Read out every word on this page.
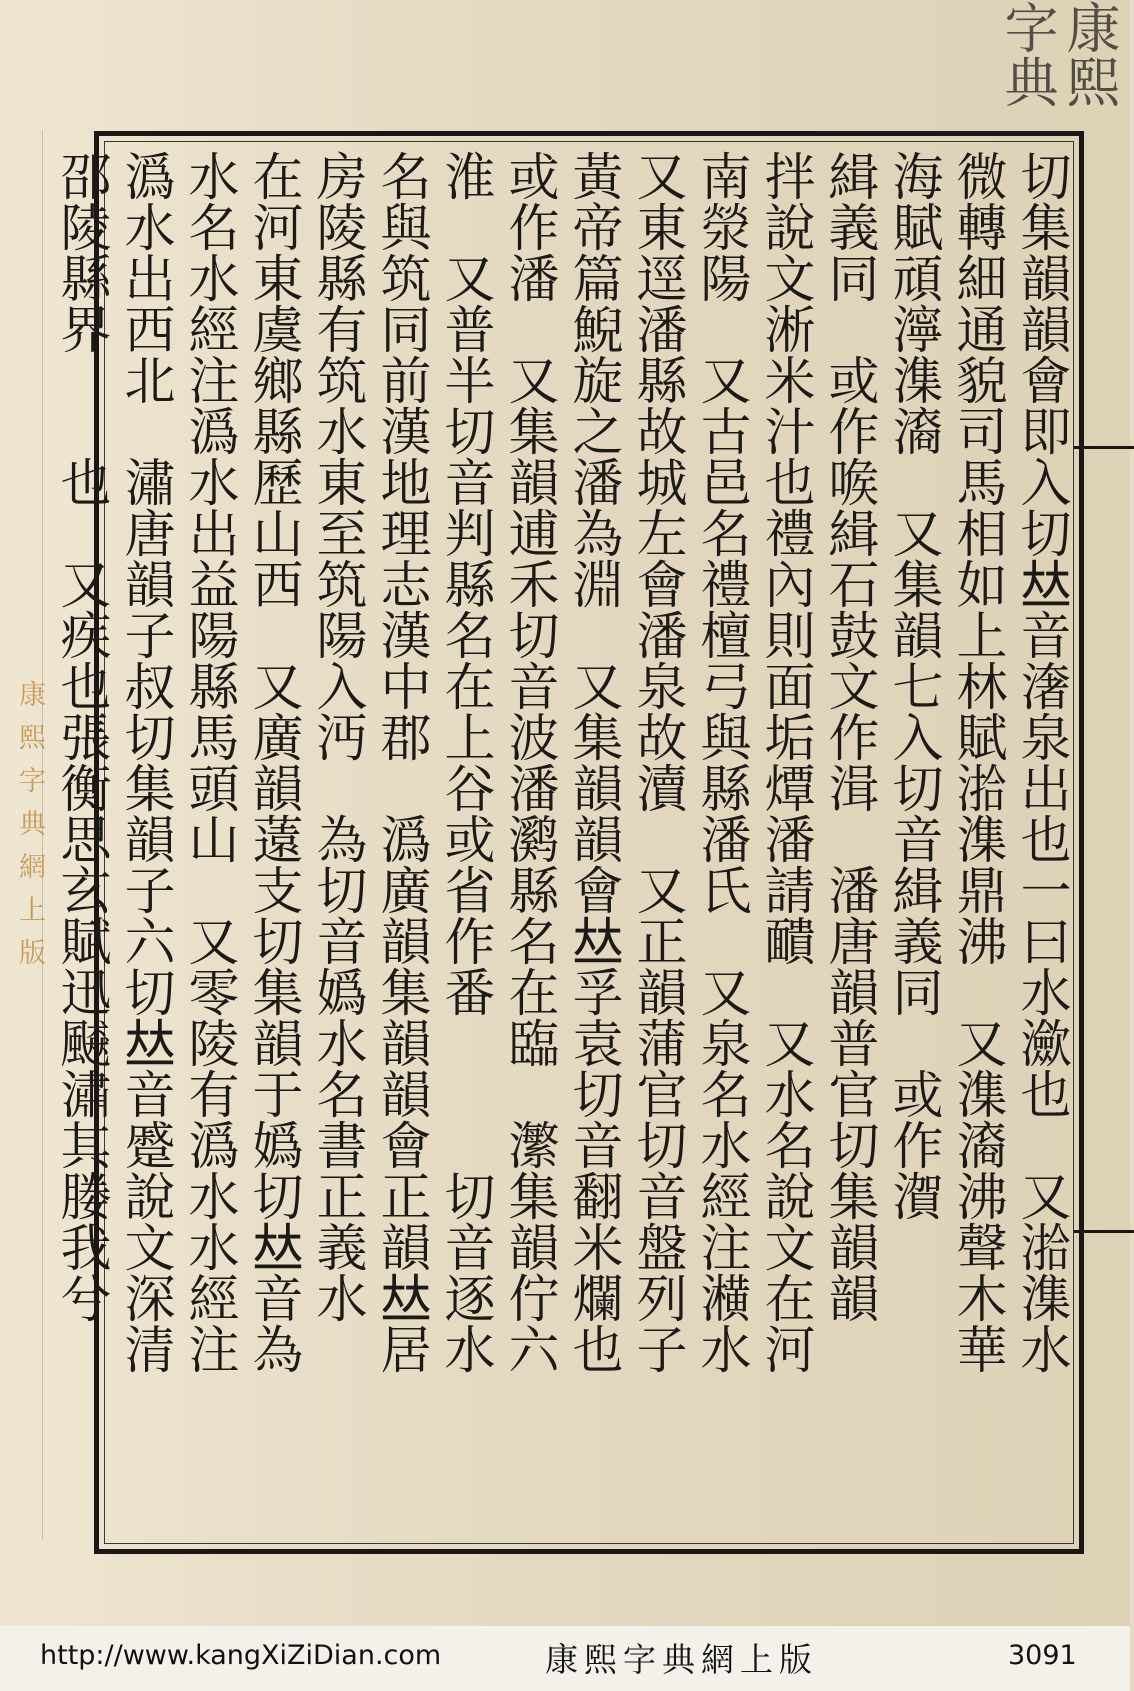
康熙字典
康熙字典網上版	切集韻韻會即入切𠀤音㵔泉出也一曰水㶑也　又湁潗水
微轉細通貌司馬相如上林賦湁潗鼎沸　又潗㵝沸聲木華
海賦頑濘潗㵝　又集韻七入切音緝義同　或作㵑
緝義同　或作㗋緝石鼓文作湒　潘唐韻普官切集韻韻
拌說文淅米汁也禮內則面垢燂潘請靧　又水名說文在河
南滎陽　又古邑名禮檀弓與縣潘氏　又泉名水經注㶇水
又東逕潘縣故城左會潘泉故瀆　又正韻蒲官切音盤列子
黃帝篇鯢旋之潘為淵　又集韻韻會𠀤孚袁切音翻米爛也
或作潘　又集韻逋禾切音波潘㶉縣名在臨　瀿集韻佇六
淮　又普半切音判縣名在上谷或省作番　　　切音逐水
名與筑同前漢地理志漢中郡　潙廣韻集韻韻會正韻𠀤居
房陵縣有筑水東至筑陽入沔　為切音嬀水名書正義水
在河東虞鄉縣歷山西　又廣韻薳支切集韻于嬀切𠀤音為
水名水經注潙水出益陽縣馬頭山　又零陵有潙水水經注
潙水出西北　潚唐韻子叔切集韻子六切𠀤音蹙說文深清
邵陵縣界　　也　又疾也張衡思玄賦迅飇潚其媵我兮
http://www.kangXiZiDian.com	康熙字典網上版	3091
